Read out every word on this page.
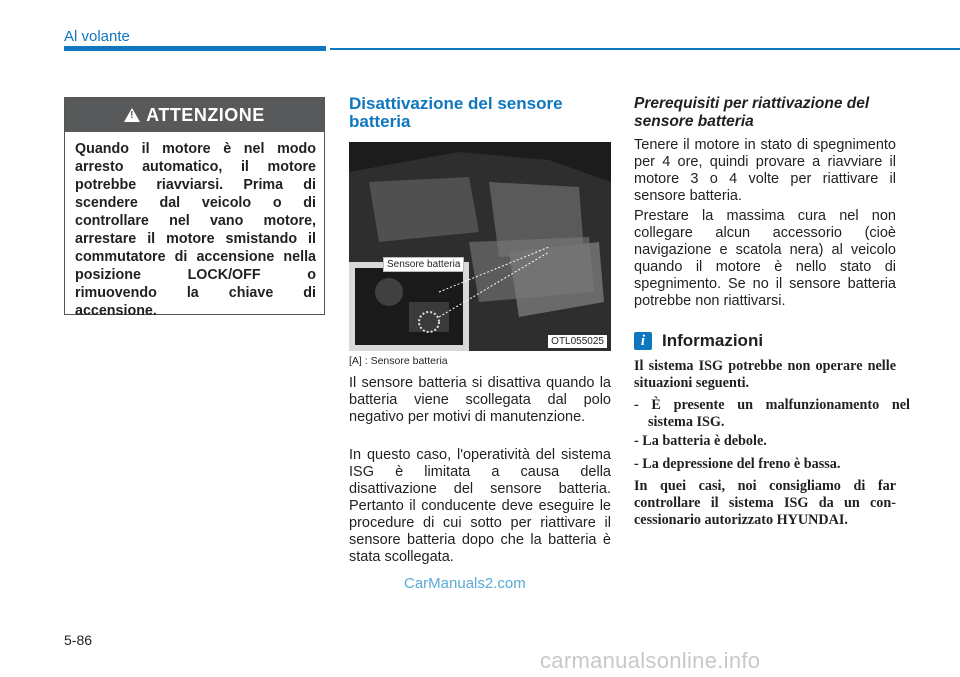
Al volante
!
ATTENZIONE
Quando il motore è nel modo arresto automatico, il motore potrebbe riavviarsi. Prima di scendere dal veicolo o di controllare nel vano motore, arrestare il motore smistando il commutatore di accensione nella posizione LOCK/OFF o rimuovendo la chiave di accensione.
Disattivazione del sensore batteria
Sensore batteria
OTL055025
[A] : Sensore batteria
Il sensore batteria si disattiva quando la batteria viene scollegata dal polo negativo per motivi di manutenzione.
In questo caso, l'operatività del sistema ISG è limitata a causa della disattivazione del sensore batteria. Pertanto il conducente deve eseguire le procedure di cui sotto per riattivare il sensore batteria dopo che la batteria è stata scollegata.
Prerequisiti per riattivazione del sensore batteria
Tenere il motore in stato di spegnimento per 4 ore, quindi provare a riavviare il motore 3 o 4 volte per riattivare il sensore batteria.
Prestare la massima cura nel non collegare alcun accessorio (cioè navigazione e scatola nera) al veicolo quando il motore è nello stato di spegnimento. Se no il sensore batteria potrebbe non riattivarsi.
i Informazioni
Il sistema ISG potrebbe non operare nelle situazioni seguenti.
- È presente un malfunzionamento nel sistema ISG.
- La batteria è debole.
- La depressione del freno è bassa.
In quei casi, noi consigliamo di far controllare il sistema ISG da un con- cessionario autorizzato HYUNDAI.
CarManuals2.com
5-86
carmanualsonline.info
